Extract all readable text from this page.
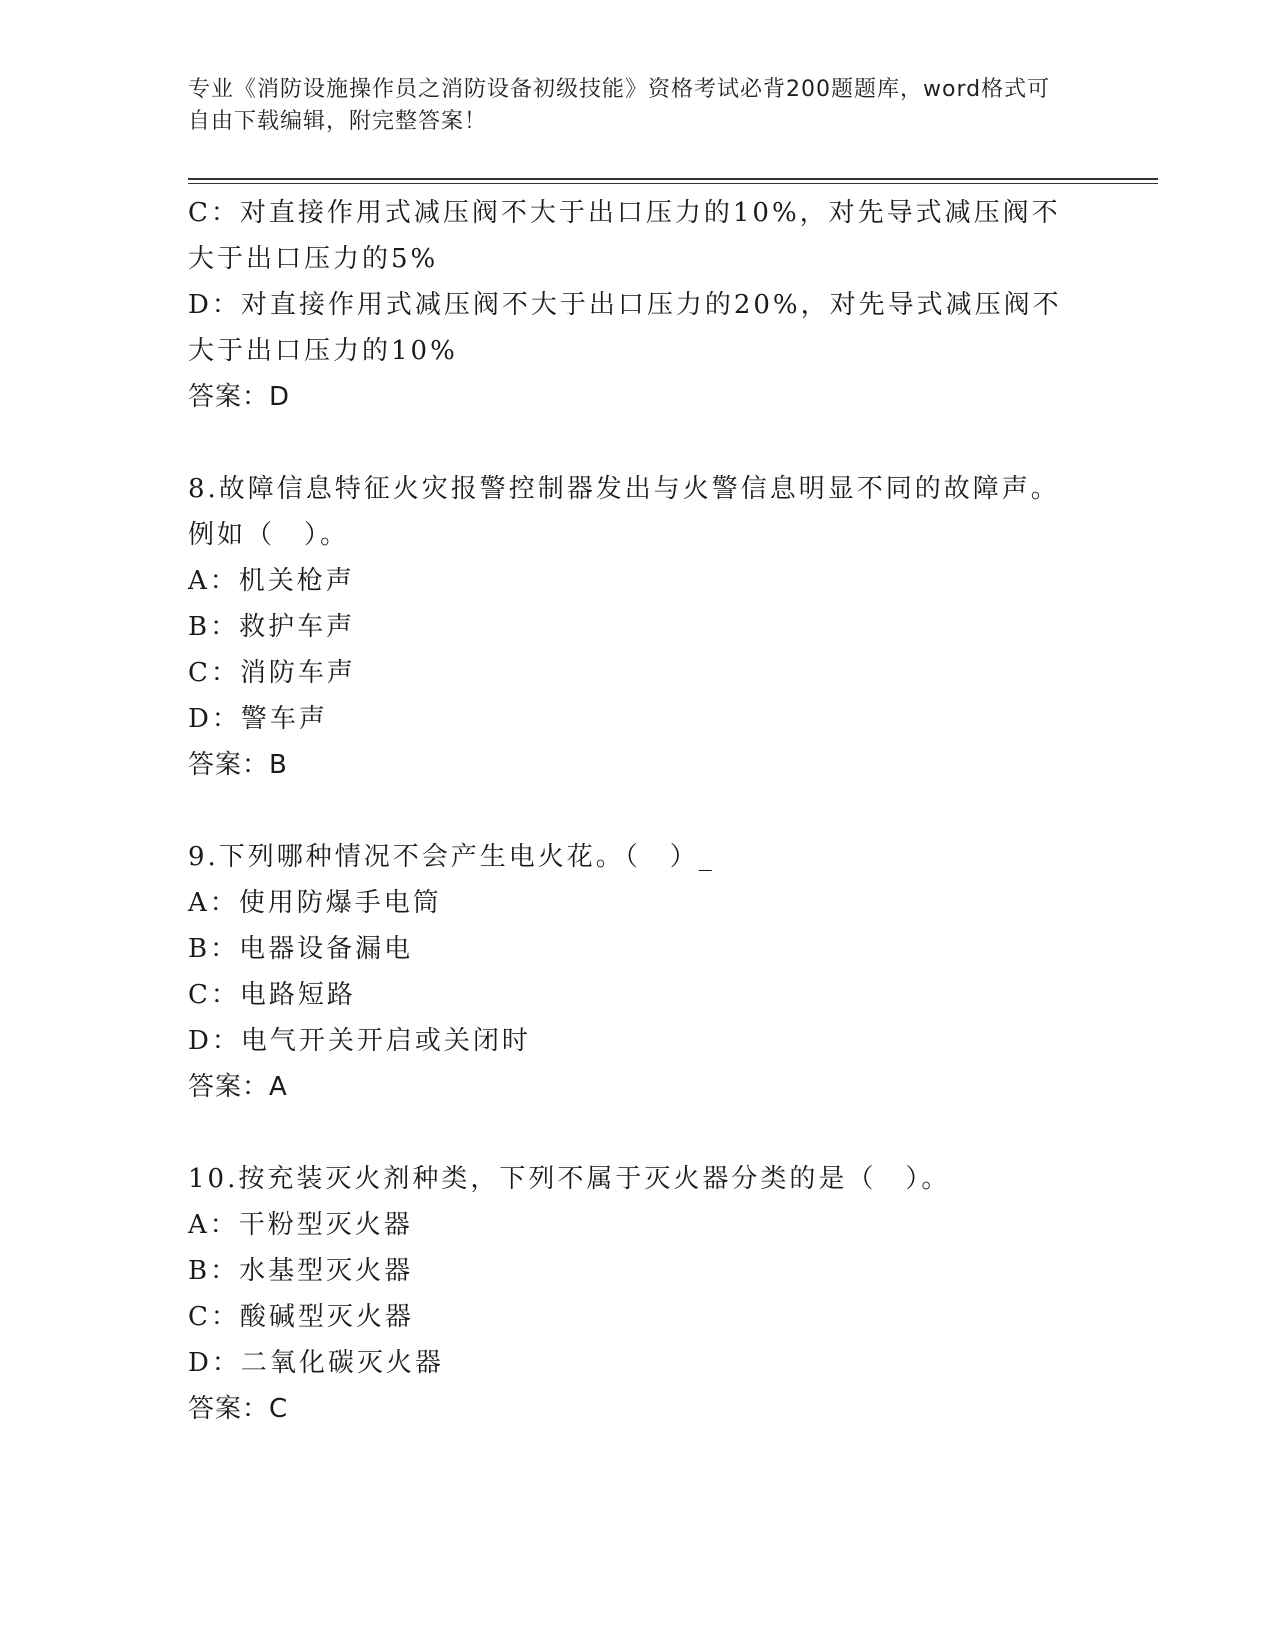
专业《消防设施操作员之消防设备初级技能》资格考试必背200题题库，word格式可自由下载编辑，附完整答案！

C：对直接作用式减压阀不大于出口压力的10%，对先导式减压阀不大于出口压力的5%

D：对直接作用式减压阀不大于出口压力的20%，对先导式减压阀不大于出口压力的10%

答案：D

8.故障信息特征火灾报警控制器发出与火警信息明显不同的故障声。例如（　）。

A：机关枪声

B：救护车声

C：消防车声

D：警车声

答案：B

9.下列哪种情况不会产生电火花。（　）_

A：使用防爆手电筒

B：电器设备漏电

C：电路短路

D：电气开关开启或关闭时

答案：A

10.按充装灭火剂种类，下列不属于灭火器分类的是（　）。

A：干粉型灭火器

B：水基型灭火器

C：酸碱型灭火器

D：二氧化碳灭火器

答案：C
